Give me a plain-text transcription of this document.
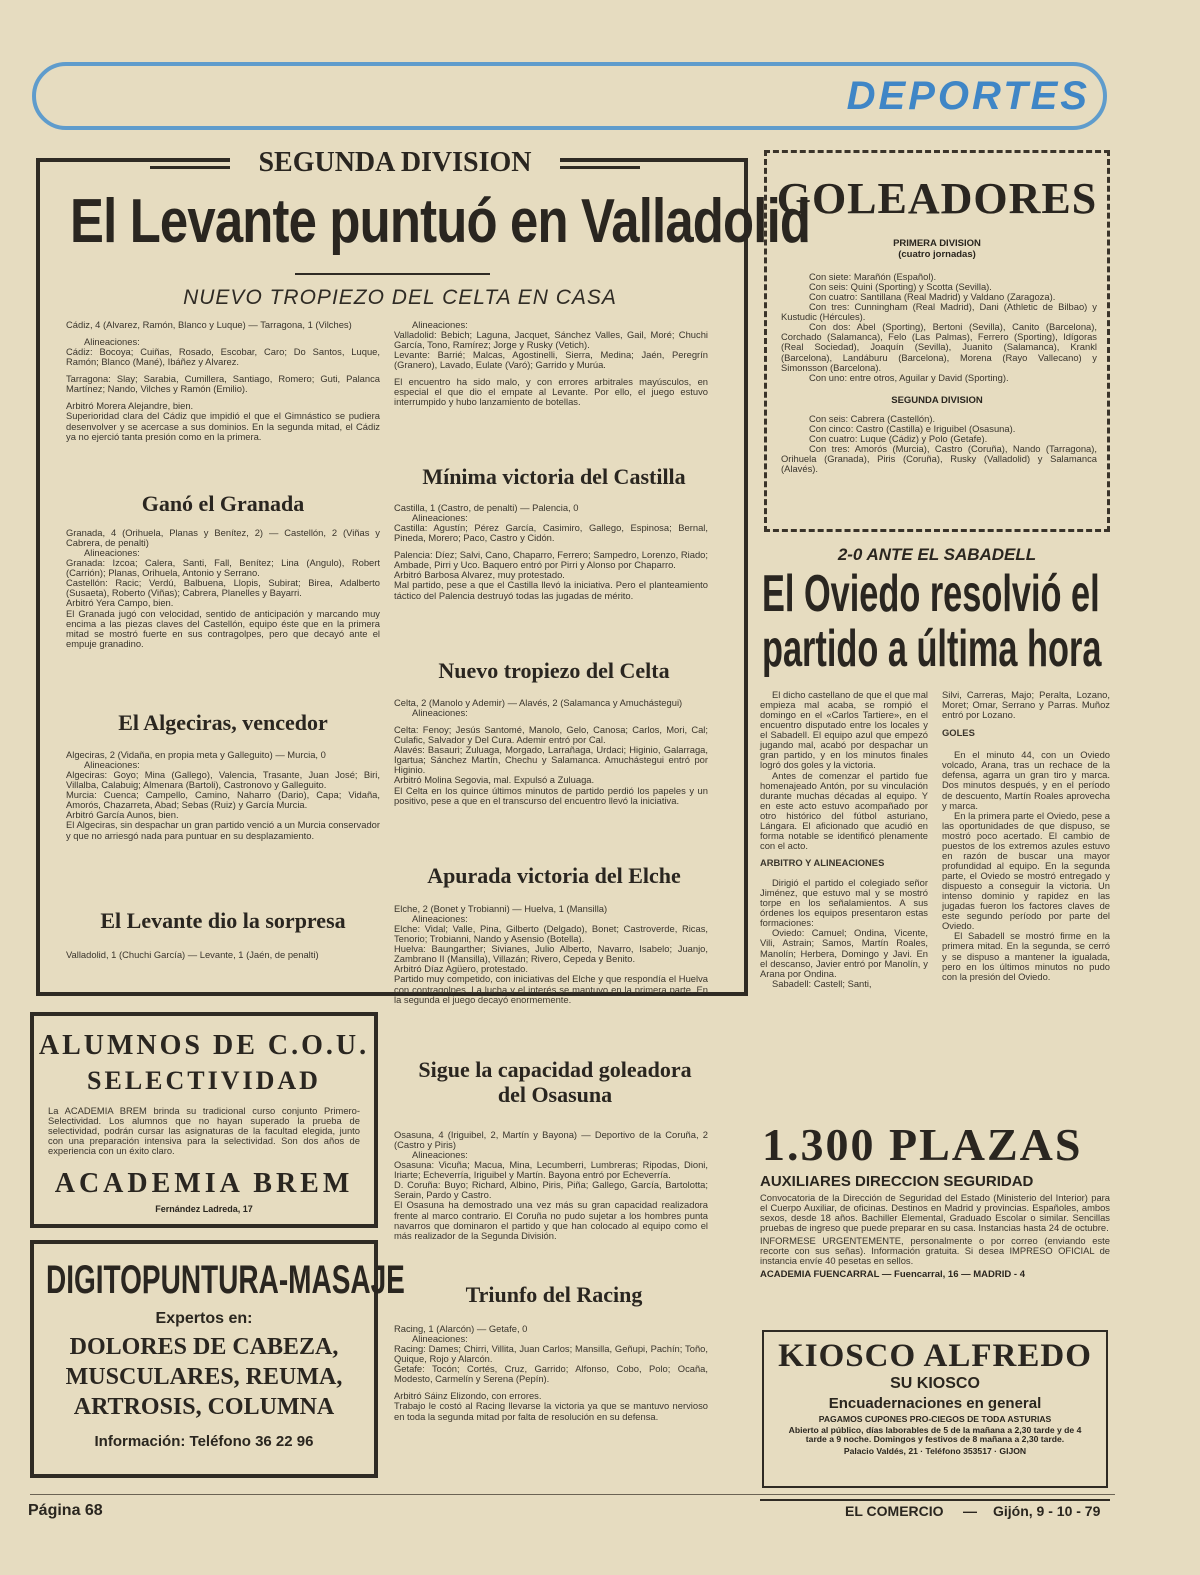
DEPORTES
SEGUNDA DIVISION
El Levante puntuó en Valladolid
NUEVO TROPIEZO DEL CELTA EN CASA

Cádiz, 4 (Alvarez, Ramón, Blanco y Luque) — Tarragona, 1 (Vilches)

Alineaciones:

Cádiz: Bocoya; Cuiñas, Rosado, Escobar, Caro; Do Santos, Luque, Ramón; Blanco (Mané), Ibáñez y Alvarez.

Tarragona: Slay; Sarabia, Cumillera, Santiago, Romero; Guti, Palanca Martínez; Nando, Vilches y Ramón (Emilio).

Arbitró Morera Alejandre, bien.

Superioridad clara del Cádiz que impidió el que el Gimnástico se pudiera desenvolver y se acercase a sus dominios. En la segunda mitad, el Cádiz ya no ejerció tanta presión como en la primera.

Ganó el Granada

Granada, 4 (Orihuela, Planas y Benítez, 2) — Castellón, 2 (Viñas y Cabrera, de penalti)

Alineaciones:

Granada: Izcoa; Calera, Santi, Fall, Benítez; Lina (Angulo), Robert (Carrión); Planas, Orihuela, Antonio y Serrano.

Castellón: Racic; Verdú, Balbuena, Llopis, Subirat; Birea, Adalberto (Susaeta), Roberto (Viñas); Cabrera, Planelles y Bayarri.

Arbitró Yera Campo, bien.

El Granada jugó con velocidad, sentido de anticipación y marcando muy encima a las piezas claves del Castellón, equipo éste que en la primera mitad se mostró fuerte en sus contragolpes, pero que decayó ante el empuje granadino.

El Algeciras, vencedor

Algeciras, 2 (Vidaña, en propia meta y Galleguito) — Murcia, 0

Alineaciones:

Algeciras: Goyo; Mina (Gallego), Valencia, Trasante, Juan José; Biri, Villalba, Calabuig; Almenara (Bartoli), Castronovo y Galleguito.

Murcia: Cuenca; Campello, Camino, Naharro (Dario), Capa; Vidaña, Amorós, Chazarreta, Abad; Sebas (Ruiz) y García Murcia.

Arbitró García Aunos, bien.

El Algeciras, sin despachar un gran partido venció a un Murcia conservador y que no arriesgó nada para puntuar en su desplazamiento.

El Levante dio la sorpresa

Valladolid, 1 (Chuchi García) — Levante, 1 (Jaén, de penalti)

Alineaciones:

Valladolid: Bebich; Laguna, Jacquet, Sánchez Valles, Gail, Moré; Chuchi García, Tono, Ramírez; Jorge y Rusky (Vetich).

Levante: Barrié; Malcas, Agostinelli, Sierra, Medina; Jaén, Peregrín (Granero), Lavado, Eulate (Varó); Garrido y Murúa.

El encuentro ha sido malo, y con errores arbitrales mayúsculos, en especial el que dio el empate al Levante. Por ello, el juego estuvo interrumpido y hubo lanzamiento de botellas.

Mínima victoria del Castilla

Castilla, 1 (Castro, de penalti) — Palencia, 0

Alineaciones:

Castilla: Agustín; Pérez García, Casimiro, Gallego, Espinosa; Bernal, Pineda, Morero; Paco, Castro y Cidón.

Palencia: Díez; Salvi, Cano, Chaparro, Ferrero; Sampedro, Lorenzo, Riado; Ambade, Pirri y Uco. Baquero entró por Pirri y Alonso por Chaparro.

Arbitró Barbosa Alvarez, muy protestado.

Mal partido, pese a que el Castilla llevó la iniciativa. Pero el planteamiento táctico del Palencia destruyó todas las jugadas de mérito.

Nuevo tropiezo del Celta

Celta, 2 (Manolo y Ademir) — Alavés, 2 (Salamanca y Amuchástegui)

Alineaciones:

Celta: Fenoy; Jesús Santomé, Manolo, Gelo, Canosa; Carlos, Mori, Cal; Culafic, Salvador y Del Cura. Ademir entró por Cal.

Alavés: Basauri; Zuluaga, Morgado, Larrañaga, Urdaci; Higinio, Galarraga, Igartua; Sánchez Martín, Chechu y Salamanca. Amuchástegui entró por Higinio.

Arbitró Molina Segovia, mal. Expulsó a Zuluaga.

El Celta en los quince últimos minutos de partido perdió los papeles y un positivo, pese a que en el transcurso del encuentro llevó la iniciativa.

Apurada victoria del Elche

Elche, 2 (Bonet y Trobianni) — Huelva, 1 (Mansilla)

Alineaciones:

Elche: Vidal; Valle, Pina, Gilberto (Delgado), Bonet; Castroverde, Ricas, Tenorio; Trobianni, Nando y Asensio (Botella).

Huelva: Baungarther; Sivianes, Julio Alberto, Navarro, Isabelo; Juanjo, Zambrano II (Mansilla), Villazán; Rivero, Cepeda y Benito.

Arbitró Díaz Agüero, protestado.

Partido muy competido, con iniciativas del Elche y que respondía el Huelva con contragolpes. La lucha y el interés se mantuvo en la primera parte. En la segunda el juego decayó enormemente.

Sigue la capacidad goleadora del Osasuna

Osasuna, 4 (Iriguibel, 2, Martín y Bayona) — Deportivo de la Coruña, 2 (Castro y Piris)

Alineaciones:

Osasuna: Vicuña; Macua, Mina, Lecumberri, Lumbreras; Ripodas, Dioni, Iriarte; Echeverría, Iriguibel y Martín. Bayona entró por Echeverría.

D. Coruña: Buyo; Richard, Albino, Piris, Piña; Gallego, García, Bartolotta; Serain, Pardo y Castro.

El Osasuna ha demostrado una vez más su gran capacidad realizadora frente al marco contrario. El Coruña no pudo sujetar a los hombres punta navarros que dominaron el partido y que han colocado al equipo como el más realizador de la Segunda División.

Triunfo del Racing

Racing, 1 (Alarcón) — Getafe, 0

Alineaciones:

Racing: Dames; Chirri, Villita, Juan Carlos; Mansilla, Geñupi, Pachín; Toño, Quique, Rojo y Alarcón.

Getafe: Tocón; Cortés, Cruz, Garrido; Alfonso, Cobo, Polo; Ocaña, Modesto, Carmelín y Serena (Pepín).

Arbitró Sáinz Elizondo, con errores.

Trabajo le costó al Racing llevarse la victoria ya que se mantuvo nervioso en toda la segunda mitad por falta de resolución en su defensa.

ALUMNOS DE C.O.U.
SELECTIVIDAD
La ACADEMIA BREM brinda su tradicional curso conjunto Primero-Selectividad. Los alumnos que no hayan superado la prueba de selectividad, podrán cursar las asignaturas de la facultad elegida, junto con una preparación intensiva para la selectividad. Son dos años de experiencia con un éxito claro.
ACADEMIA BREM
Fernández Ladreda, 17
DIGITOPUNTURA-MASAJE
Expertos en:
DOLORES DE CABEZA,
MUSCULARES, REUMA,
ARTROSIS, COLUMNA
Información: Teléfono 36 22 96
GOLEADORES
PRIMERA DIVISION
(cuatro jornadas)
Con siete: Marañón (Español).
Con seis: Quini (Sporting) y Scotta (Sevilla).
Con cuatro: Santillana (Real Madrid) y Valdano (Zaragoza).
Con tres: Cunningham (Real Madrid), Dani (Athletic de Bilbao) y Kustudic (Hércules).
Con dos: Abel (Sporting), Bertoni (Sevilla), Canito (Barcelona), Corchado (Salamanca), Felo (Las Palmas), Ferrero (Sporting), Idígoras (Real Sociedad), Joaquín (Sevilla), Juanito (Salamanca), Krankl (Barcelona), Landáburu (Barcelona), Morena (Rayo Vallecano) y Simonsson (Barcelona).
Con uno: entre otros, Aguilar y David (Sporting).
SEGUNDA DIVISION
Con seis: Cabrera (Castellón).
Con cinco: Castro (Castilla) e Iriguibel (Osasuna).
Con cuatro: Luque (Cádiz) y Polo (Getafe).
Con tres: Amorós (Murcia), Castro (Coruña), Nando (Tarragona), Orihuela (Granada), Piris (Coruña), Rusky (Valladolid) y Salamanca (Alavés).
2-0 ANTE EL SABADELL
El Oviedo resolvió el
partido a última hora

El dicho castellano de que el que mal empieza mal acaba, se rompió el domingo en el «Carlos Tartiere», en el encuentro disputado entre los locales y el Sabadell. El equipo azul que empezó jugando mal, acabó por despachar un gran partido, y en los minutos finales logró dos goles y la victoria.

Antes de comenzar el partido fue homenajeado Antón, por su vinculación durante muchas décadas al equipo. Y en este acto estuvo acompañado por otro histórico del fútbol asturiano, Lángara. El aficionado que acudió en forma notable se identificó plenamente con el acto.

ARBITRO Y ALINEACIONES

Dirigió el partido el colegiado señor Jiménez, que estuvo mal y se mostró torpe en los señalamientos. A sus órdenes los equipos presentaron estas formaciones:

Oviedo: Camuel; Ondina, Vicente, Vili, Astrain; Samos, Martín Roales, Manolín; Herbera, Domingo y Javi. En el descanso, Javier entró por Manolín, y Arana por Ondina.

Sabadell: Castell; Santi,

Silvi, Carreras, Majo; Peralta, Lozano, Moret; Omar, Serrano y Parras. Muñoz entró por Lozano.

GOLES

En el minuto 44, con un Oviedo volcado, Arana, tras un rechace de la defensa, agarra un gran tiro y marca. Dos minutos después, y en el período de descuento, Martín Roales aprovecha y marca.

En la primera parte el Oviedo, pese a las oportunidades de que dispuso, se mostró poco acertado. El cambio de puestos de los extremos azules estuvo en razón de buscar una mayor profundidad al equipo. En la segunda parte, el Oviedo se mostró entregado y dispuesto a conseguir la victoria. Un intenso dominio y rapidez en las jugadas fueron los factores claves de este segundo período por parte del Oviedo.

El Sabadell se mostró firme en la primera mitad. En la segunda, se cerró y se dispuso a mantener la igualada, pero en los últimos minutos no pudo con la presión del Oviedo.

1.300 PLAZAS
AUXILIARES DIRECCION SEGURIDAD
Convocatoria de la Dirección de Seguridad del Estado (Ministerio del Interior) para el Cuerpo Auxiliar, de oficinas. Destinos en Madrid y provincias. Españoles, ambos sexos, desde 18 años. Bachiller Elemental, Graduado Escolar o similar. Sencillas pruebas de ingreso que puede preparar en su casa. Instancias hasta 24 de octubre.
INFORMESE URGENTEMENTE, personalmente o por correo (enviando este recorte con sus señas). Información gratuita. Si desea IMPRESO OFICIAL de instancia envíe 40 pesetas en sellos.
ACADEMIA FUENCARRAL — Fuencarral, 16 — MADRID - 4
KIOSCO ALFREDO
SU KIOSCO
Encuadernaciones en general
PAGAMOS CUPONES PRO-CIEGOS DE TODA ASTURIAS
Abierto al público, días laborables de 5 de la mañana a 2,30 tarde y de 4 tarde a 9 noche. Domingos y festivos de 8 mañana a 2,30 tarde.
Palacio Valdés, 21 · Teléfono 353517 · GIJON
Página 68	EL COMERCIO — Gijón, 9 - 10 - 79
